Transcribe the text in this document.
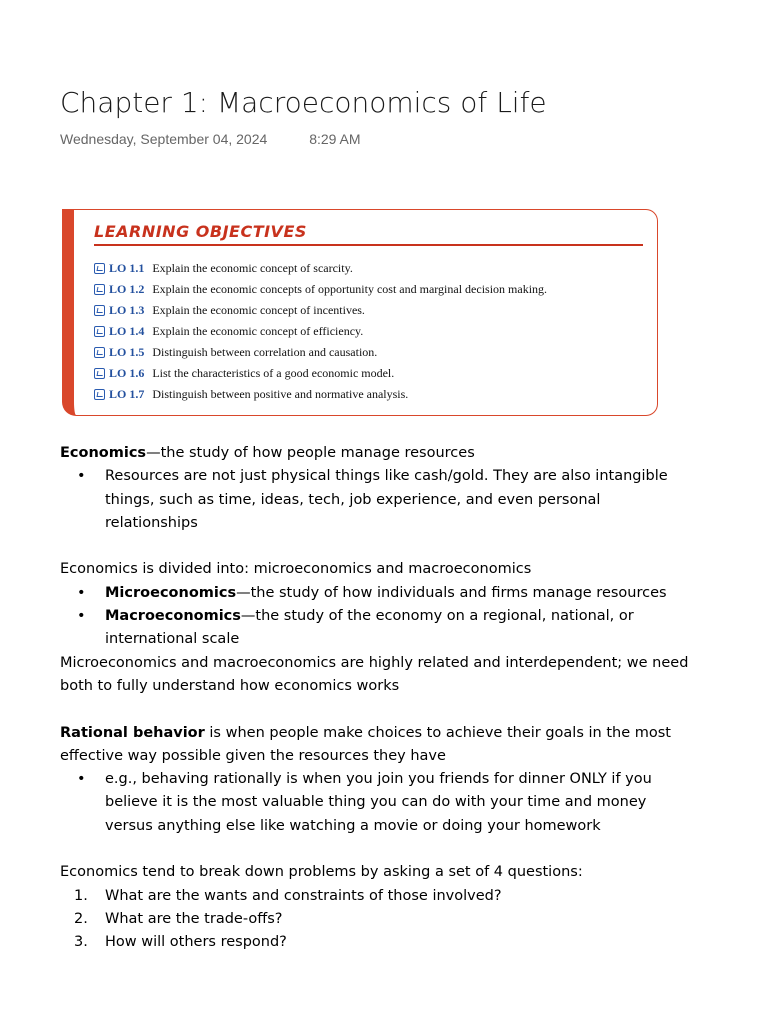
Chapter 1: Macroeconomics of Life
Wednesday, September 04, 2024	8:29 AM
LEARNING OBJECTIVES
LO 1.1 Explain the economic concept of scarcity.
LO 1.2 Explain the economic concepts of opportunity cost and marginal decision making.
LO 1.3 Explain the economic concept of incentives.
LO 1.4 Explain the economic concept of efficiency.
LO 1.5 Distinguish between correlation and causation.
LO 1.6 List the characteristics of a good economic model.
LO 1.7 Distinguish between positive and normative analysis.

Economics—the study of how people manage resources

• Resources are not just physical things like cash/gold. They are also intangible things, such as time, ideas, tech, job experience, and even personal relationships

Economics is divided into: microeconomics and macroeconomics

• Microeconomics—the study of how individuals and firms manage resources
• Macroeconomics—the study of the economy on a regional, national, or international scale

Microeconomics and macroeconomics are highly related and interdependent; we need both to fully understand how economics works

Rational behavior is when people make choices to achieve their goals in the most effective way possible given the resources they have

• e.g., behaving rationally is when you join you friends for dinner ONLY if you believe it is the most valuable thing you can do with your time and money versus anything else like watching a movie or doing your homework

Economics tend to break down problems by asking a set of 4 questions:

1. What are the wants and constraints of those involved?
2. What are the trade-offs?
3. How will others respond?
